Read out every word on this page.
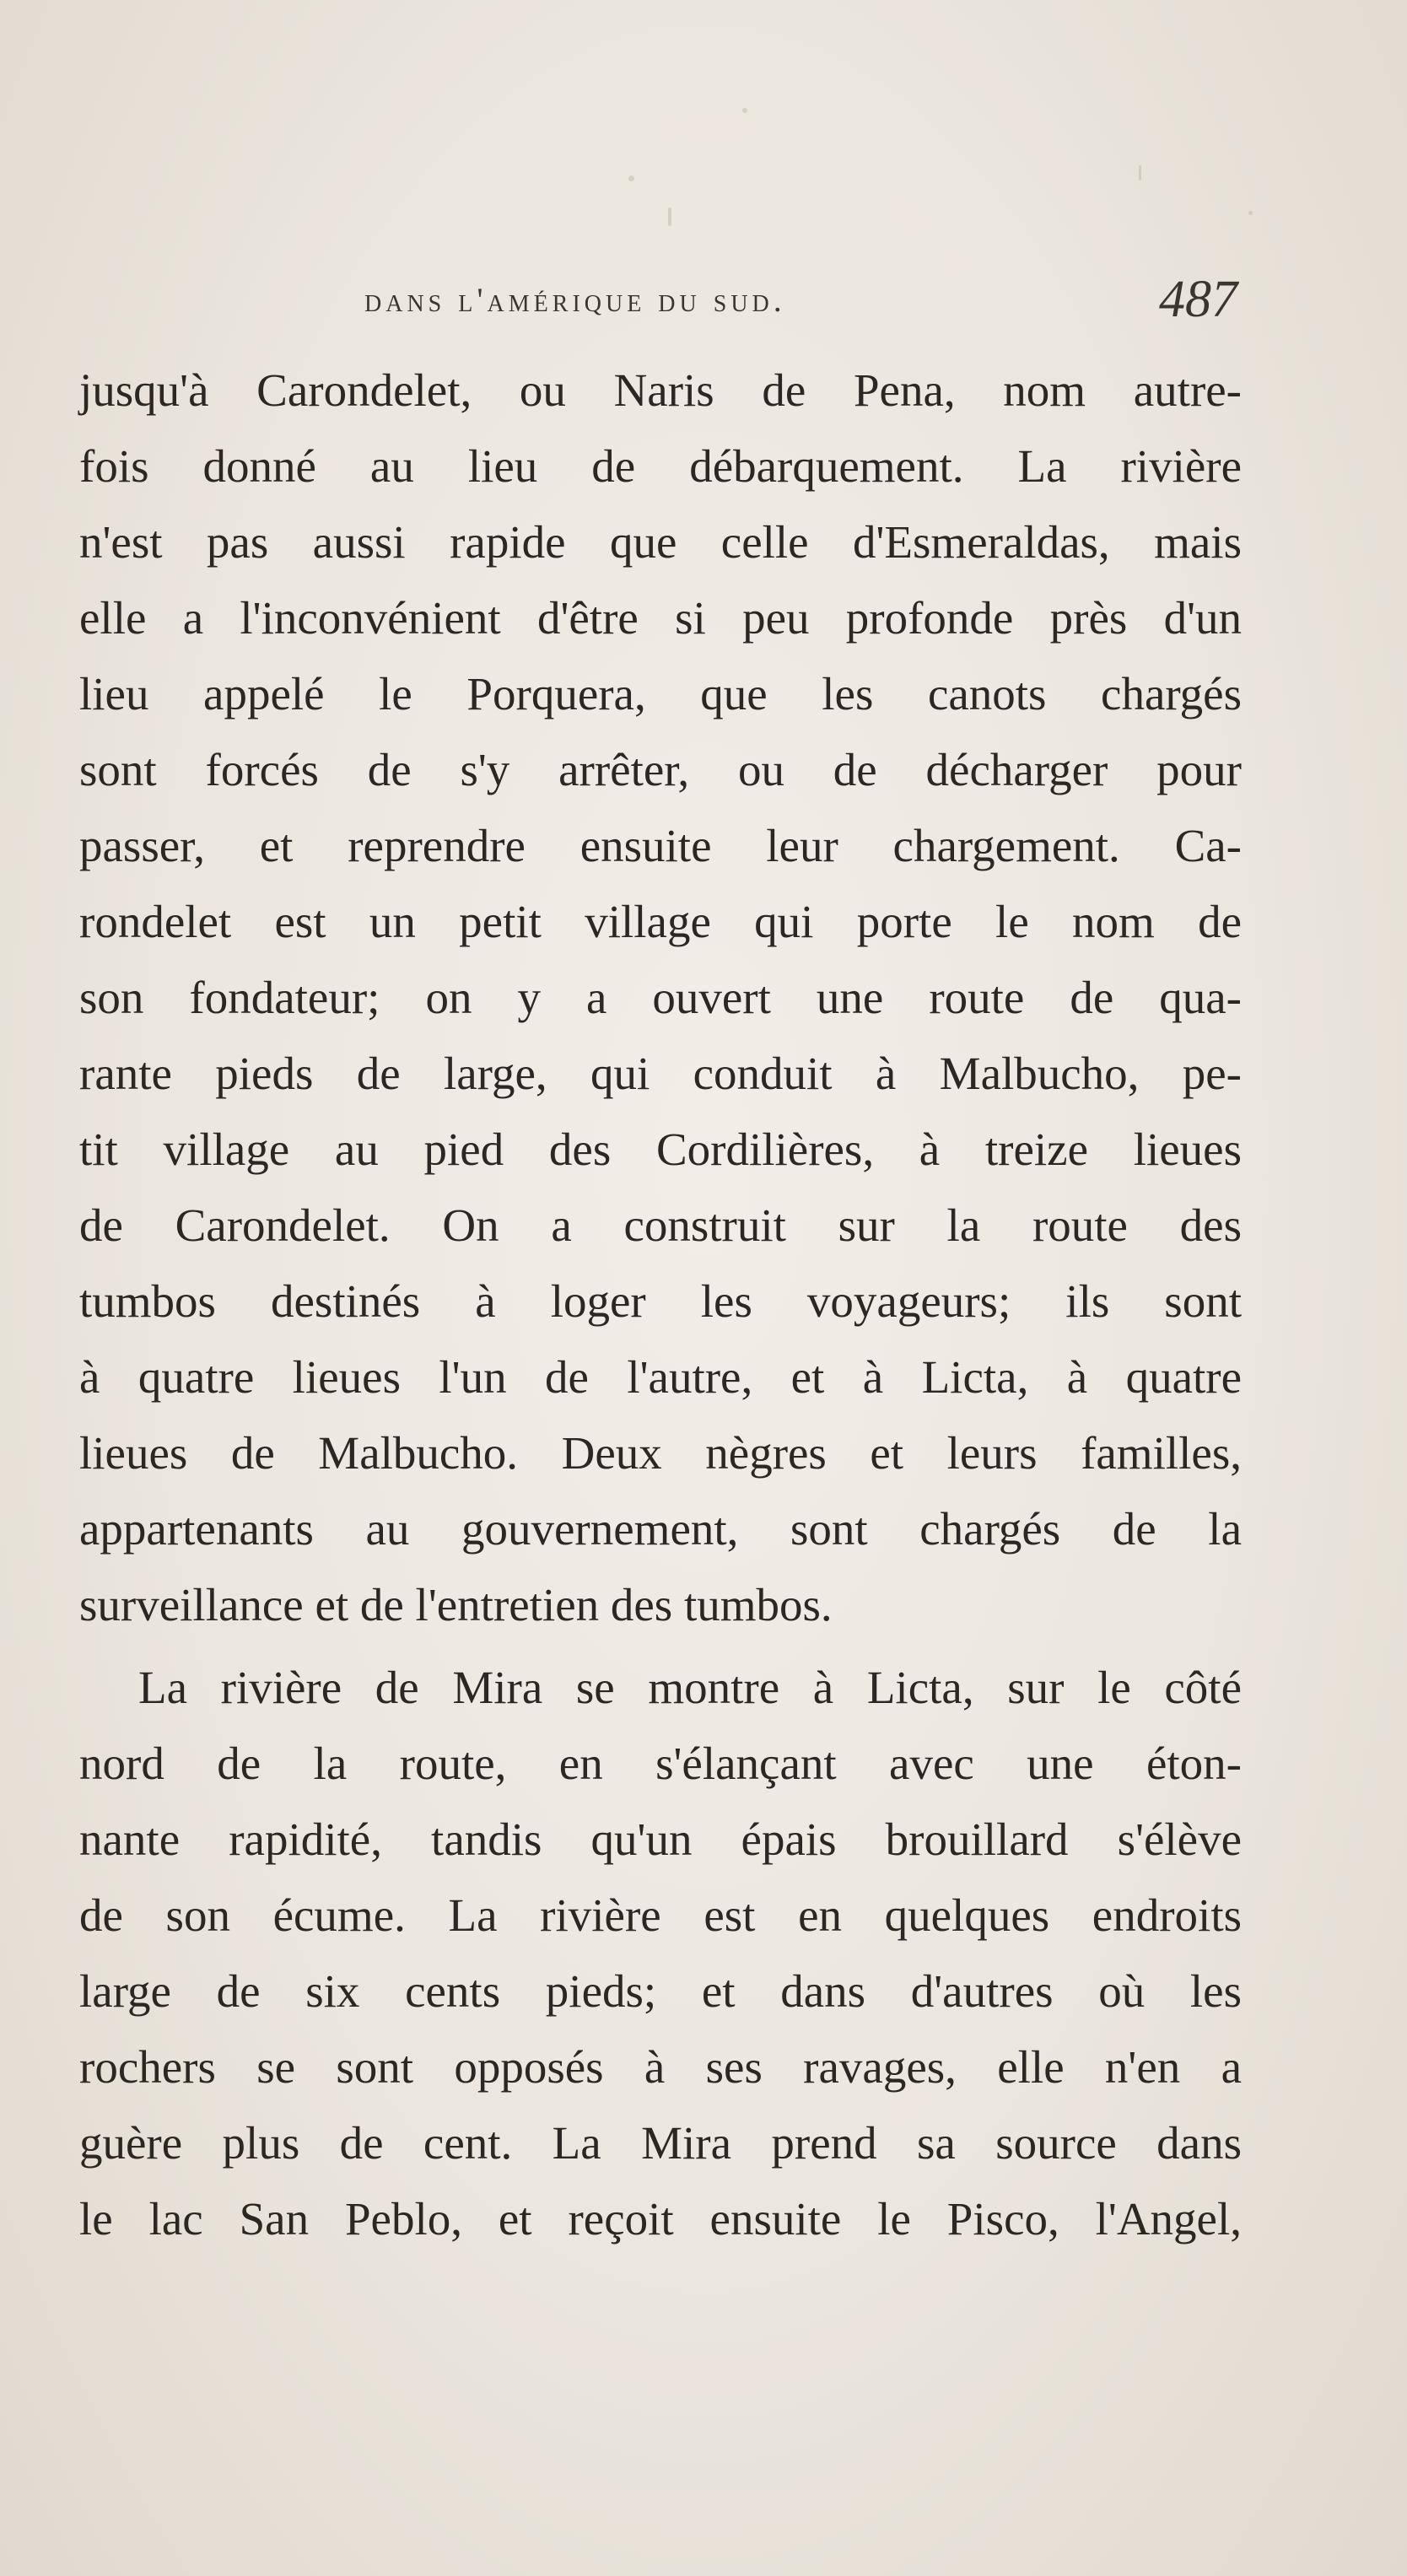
dans l'amérique du sud.	487
jusqu'à Carondelet, ou Naris de Pena, nom autre-
fois donné au lieu de débarquement. La rivière
n'est pas aussi rapide que celle d'Esmeraldas, mais
elle a l'inconvénient d'être si peu profonde près d'un
lieu appelé le Porquera, que les canots chargés
sont forcés de s'y arrêter, ou de décharger pour
passer, et reprendre ensuite leur chargement. Ca-
rondelet est un petit village qui porte le nom de
son fondateur; on y a ouvert une route de qua-
rante pieds de large, qui conduit à Malbucho, pe-
tit village au pied des Cordilières, à treize lieues
de Carondelet. On a construit sur la route des
tumbos destinés à loger les voyageurs; ils sont
à quatre lieues l'un de l'autre, et à Licta, à quatre
lieues de Malbucho. Deux nègres et leurs familles,
appartenants au gouvernement, sont chargés de la
surveillance et de l'entretien des tumbos.
La rivière de Mira se montre à Licta, sur le côté
nord de la route, en s'élançant avec une éton-
nante rapidité, tandis qu'un épais brouillard s'élève
de son écume. La rivière est en quelques endroits
large de six cents pieds; et dans d'autres où les
rochers se sont opposés à ses ravages, elle n'en a
guère plus de cent. La Mira prend sa source dans
le lac San Peblo, et reçoit ensuite le Pisco, l'Angel,
